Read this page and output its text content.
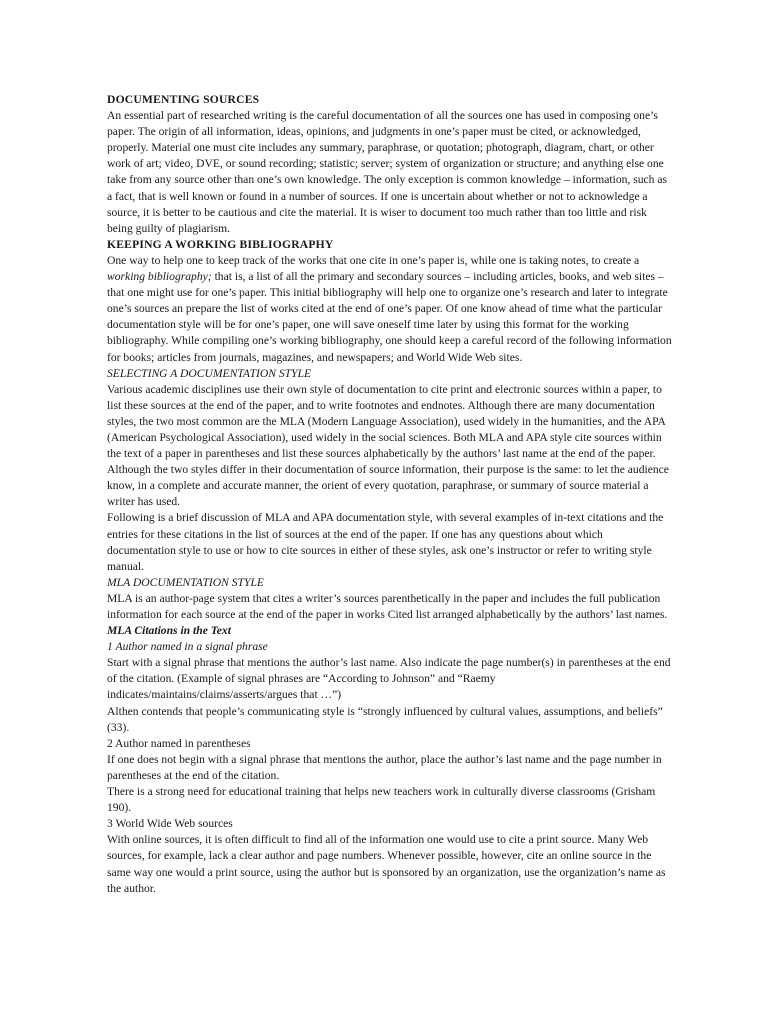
DOCUMENTING SOURCES

An essential part of researched writing is the careful documentation of all the sources one has used in composing one’s paper. The origin of all information, ideas, opinions, and judgments in one’s paper must be cited, or acknowledged, properly. Material one must cite includes any summary, paraphrase, or quotation; photograph, diagram, chart, or other work of art; video, DVE, or sound recording; statistic; server; system of organization or structure; and anything else one take from any source other than one’s own knowledge. The only exception is common knowledge – information, such as a fact, that is well known or found in a number of sources. If one is uncertain about whether or not to acknowledge a source, it is better to be cautious and cite the material. It is wiser to document too much rather than too little and risk being guilty of plagiarism.

KEEPING A WORKING BIBLIOGRAPHY

One way to help one to keep track of the works that one cite in one’s paper is, while one is taking notes, to create a working bibliography; that is, a list of all the primary and secondary sources – including articles, books, and web sites – that one might use for one’s paper. This initial bibliography will help one to organize one’s research and later to integrate one’s sources an prepare the list of works cited at the end of one’s paper. Of one know ahead of time what the particular documentation style will be for one’s paper, one will save oneself time later by using this format for the working bibliography. While compiling one’s working bibliography, one should keep a careful record of the following information for books; articles from journals, magazines, and newspapers; and World Wide Web sites.

SELECTING A DOCUMENTATION STYLE

Various academic disciplines use their own style of documentation to cite print and electronic sources within a paper, to list these sources at the end of the paper, and to write footnotes and endnotes. Although there are many documentation styles, the two most common are the MLA (Modern Language Association), used widely in the humanities, and the APA (American Psychological Association), used widely in the social sciences. Both MLA and APA style cite sources within the text of a paper in parentheses and list these sources alphabetically by the authors’ last name at the end of the paper. Although the two styles differ in their documentation of source information, their purpose is the same: to let the audience know, in a complete and accurate manner, the orient of every quotation, paraphrase, or summary of source material a writer has used.

Following is a brief discussion of MLA and APA documentation style, with several examples of in-text citations and the entries for these citations in the list of sources at the end of the paper. If one has any questions about which documentation style to use or how to cite sources in either of these styles, ask one’s instructor or refer to writing style manual.

MLA DOCUMENTATION STYLE

MLA is an author-page system that cites a writer’s sources parenthetically in the paper and includes the full publication information for each source at the end of the paper in works Cited list arranged alphabetically by the authors’ last names.

MLA Citations in the Text

1 Author named in a signal phrase

Start with a signal phrase that mentions the author’s last name. Also indicate the page number(s) in parentheses at the end of the citation. (Example of signal phrases are “According to Johnson” and “Raemy indicates/maintains/claims/asserts/argues that …”)

Althen contends that people’s communicating style is “strongly influenced by cultural values, assumptions, and beliefs” (33).

2 Author named in parentheses

If one does not begin with a signal phrase that mentions the author, place the author’s last name and the page number in parentheses at the end of the citation.

There is a strong need for educational training that helps new teachers work in culturally diverse classrooms (Grisham 190).

3 World Wide Web sources

With online sources, it is often difficult to find all of the information one would use to cite a print source. Many Web sources, for example, lack a clear author and page numbers. Whenever possible, however, cite an online source in the same way one would a print source, using the author but is sponsored by an organization, use the organization’s name as the author.
